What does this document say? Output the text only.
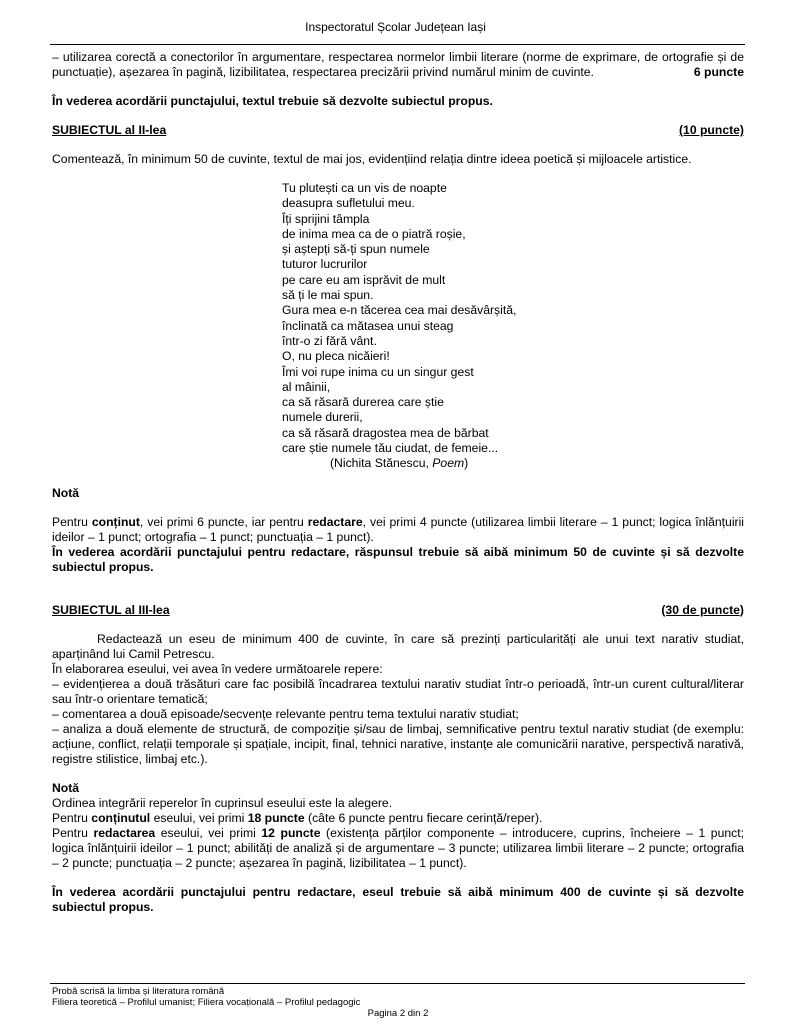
Inspectoratul Școlar Județean Iași
– utilizarea corectă a conectorilor în argumentare, respectarea normelor limbii literare (norme de exprimare, de ortografie și de punctuație), așezarea în pagină, lizibilitatea, respectarea precizării privind numărul minim de cuvinte.	6 puncte
În vederea acordării punctajului, textul trebuie să dezvolte subiectul propus.
SUBIECTUL al II-lea	(10 puncte)
Comentează, în minimum 50 de cuvinte, textul de mai jos, evidențiind relația dintre ideea poetică și mijloacele artistice.
Tu plutești ca un vis de noapte
deasupra sufletului meu.
Îți sprijini tâmpla
de inima mea ca de o piatră roșie,
și aștepți să-ți spun numele
tuturor lucrurilor
pe care eu am isprăvit de mult
să ți le mai spun.
Gura mea e-n tăcerea cea mai desăvârșită,
înclinată ca mătasea unui steag
într-o zi fără vânt.
O, nu pleca nicăieri!
Îmi voi rupe inima cu un singur gest
al mâinii,
ca să răsară durerea care știe
numele durerii,
ca să răsară dragostea mea de bărbat
care știe numele tău ciudat, de femeie...
(Nichita Stănescu, Poem)
Notă
Pentru conținut, vei primi 6 puncte, iar pentru redactare, vei primi 4 puncte (utilizarea limbii literare – 1 punct; logica înlănțuirii ideilor – 1 punct; ortografia – 1 punct; punctuația – 1 punct).
În vederea acordării punctajului pentru redactare, răspunsul trebuie să aibă minimum 50 de cuvinte și să dezvolte subiectul propus.
SUBIECTUL al III-lea	(30 de puncte)
Redactează un eseu de minimum 400 de cuvinte, în care să prezinți particularități ale unui text narativ studiat, aparținând lui Camil Petrescu.
În elaborarea eseului, vei avea în vedere următoarele repere:
– evidențierea a două trăsături care fac posibilă încadrarea textului narativ studiat într-o perioadă, într-un curent cultural/literar sau într-o orientare tematică;
– comentarea a două episoade/secvențe relevante pentru tema textului narativ studiat;
– analiza a două elemente de structură, de compoziție și/sau de limbaj, semnificative pentru textul narativ studiat (de exemplu: acțiune, conflict, relații temporale și spațiale, incipit, final, tehnici narative, instanțe ale comunicării narative, perspectivă narativă, registre stilistice, limbaj etc.).
Notă
Ordinea integrării reperelor în cuprinsul eseului este la alegere.
Pentru conținutul eseului, vei primi 18 puncte (câte 6 puncte pentru fiecare cerință/reper).
Pentru redactarea eseului, vei primi 12 puncte (existența părților componente – introducere, cuprins, încheiere – 1 punct; logica înlănțuirii ideilor – 1 punct; abilități de analiză și de argumentare – 3 puncte; utilizarea limbii literare – 2 puncte; ortografia – 2 puncte; punctuația – 2 puncte; așezarea în pagină, lizibilitatea – 1 punct).
În vederea acordării punctajului pentru redactare, eseul trebuie să aibă minimum 400 de cuvinte și să dezvolte subiectul propus.
Probă scrisă la limba și literatura română
Filiera teoretică – Profilul umanist; Filiera vocațională – Profilul pedagogic
Pagina 2 din 2
